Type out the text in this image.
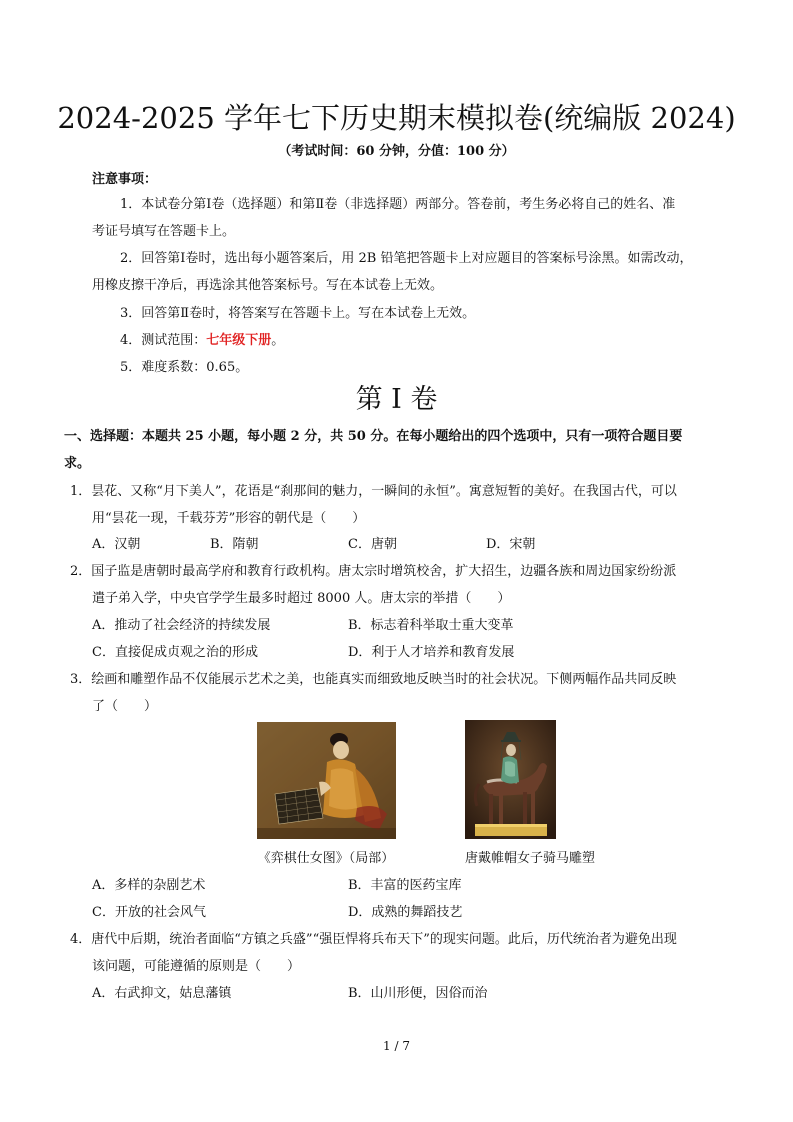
2024-2025 学年七下历史期末模拟卷(统编版 2024)
（考试时间：60 分钟，分值：100 分）
注意事项：
1．本试卷分第Ⅰ卷（选择题）和第Ⅱ卷（非选择题）两部分。答卷前，考生务必将自己的姓名、准
考证号填写在答题卡上。
2．回答第Ⅰ卷时，选出每小题答案后，用 2B 铅笔把答题卡上对应题目的答案标号涂黑。如需改动，
用橡皮擦干净后，再选涂其他答案标号。写在本试卷上无效。
3．回答第Ⅱ卷时，将答案写在答题卡上。写在本试卷上无效。
4．测试范围：七年级下册。
5．难度系数：0.65。
第 I 卷
一、选择题：本题共 25 小题，每小题 2 分，共 50 分。在每小题给出的四个选项中，只有一项符合题目要
求。
1．昙花、又称“月下美人”，花语是“刹那间的魅力，一瞬间的永恒”。寓意短暂的美好。在我国古代，可以
用“昙花一现，千载芬芳”形容的朝代是（　　）
A．汉朝	B．隋朝	C．唐朝	D．宋朝
2．国子监是唐朝时最高学府和教育行政机构。唐太宗时增筑校舍，扩大招生，边疆各族和周边国家纷纷派
遣子弟入学，中央官学学生最多时超过 8000 人。唐太宗的举措（　　）
A．推动了社会经济的持续发展	B．标志着科举取士重大变革
C．直接促成贞观之治的形成	D．利于人才培养和教育发展
3．绘画和雕塑作品不仅能展示艺术之美，也能真实而细致地反映当时的社会状况。下侧两幅作品共同反映
了（　　）
《弈棋仕女图》（局部）	唐戴帷帽女子骑马雕塑
A．多样的杂剧艺术	B．丰富的医药宝库
C．开放的社会风气	D．成熟的舞蹈技艺
4．唐代中后期，统治者面临“方镇之兵盛”“强臣悍将兵布天下”的现实问题。此后，历代统治者为避免出现
该问题，可能遵循的原则是（　　）
A．右武抑文，姑息藩镇	B．山川形便，因俗而治
1 / 7
